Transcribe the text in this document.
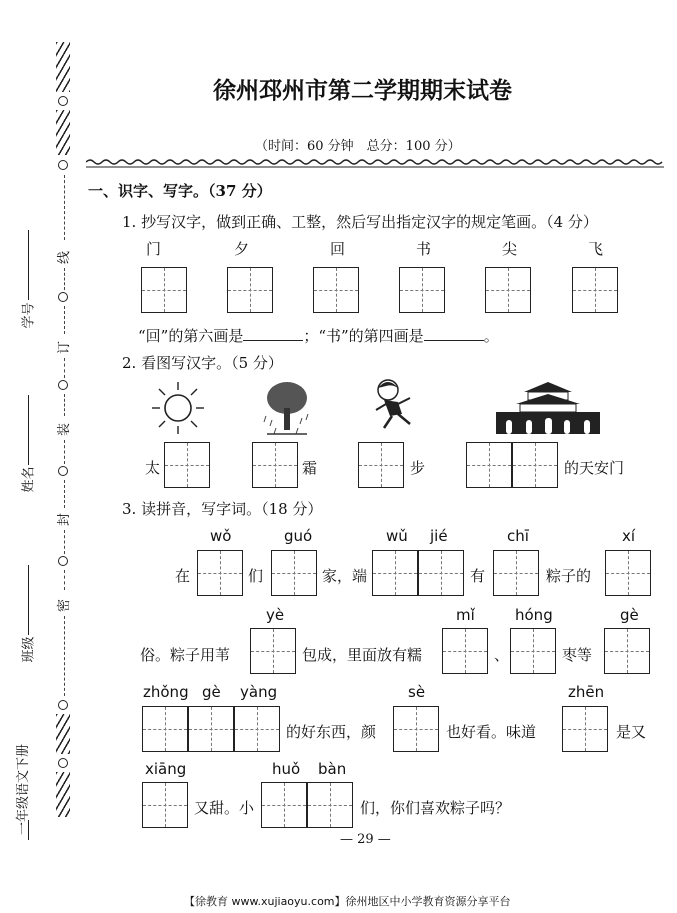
线
订
装
封
密
学号
姓名
班级
一年级语文下册
徐州邳州市第二学期期末试卷
（时间：60 分钟　总分：100 分）
一、识字、写字。（37 分）
1. 抄写汉字，做到正确、工整，然后写出指定汉字的规定笔画。（4 分）
门	夕	回	书	尖	飞
“回”的第六画是	；“书”的第四画是	。
2. 看图写汉字。（5 分）
太	霜	步	的天安门
3. 读拼音，写字词。（18 分）
wǒ	guó	wǔ jié	chī	xí
在	们	家，端	有	粽子的
yè	mǐ	hóng	gè
俗。粽子用苇	包成，里面放有糯	、	枣等
zhǒng gè yàng	sè	zhēn
的好东西，颜	也好看。味道	是又
xiāng	huǒ bàn
又甜。小	们，你们喜欢粽子吗？
— 29 —
【徐教育 www.xujiaoyu.com】徐州地区中小学教育资源分享平台
